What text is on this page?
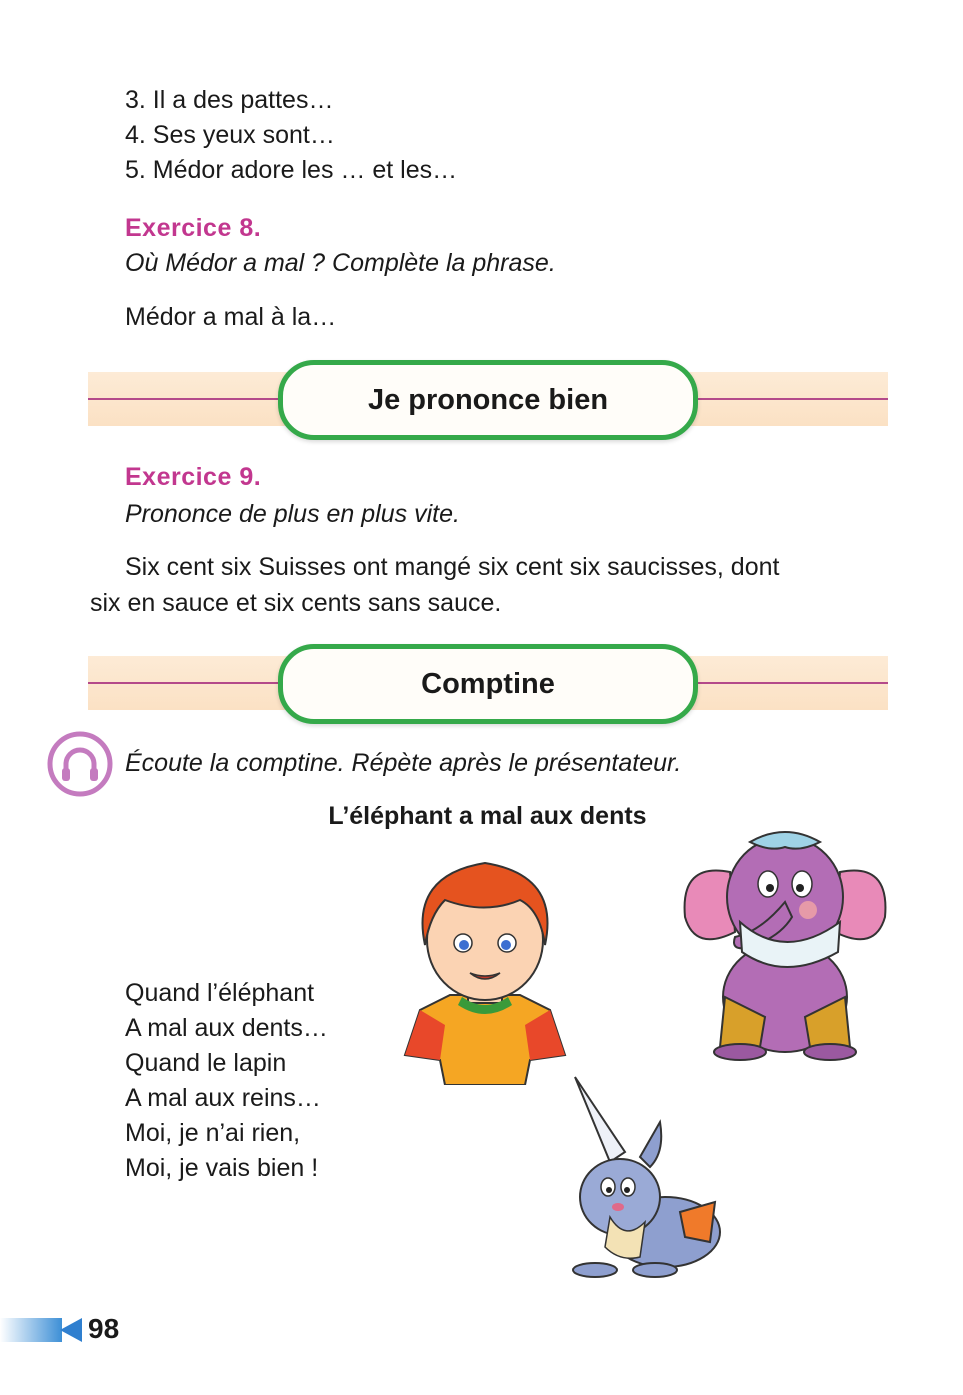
3. Il a des pattes…
4. Ses yeux sont…
5. Médor adore les … et les…
Exercice 8.
Où Médor a mal ? Complète la phrase.
Médor a mal à la…
Je prononce bien
Exercice 9.
Prononce de plus en plus vite.
Six cent six Suisses ont mangé six cent six saucisses, dont
six en sauce et six cents sans sauce.
Comptine
Écoute la comptine. Répète après le présentateur.
L’éléphant a mal aux dents
Quand l’éléphant
A mal aux dents…
Quand le lapin
A mal aux reins…
Moi, je n’ai rien,
Moi, je vais bien !
98
